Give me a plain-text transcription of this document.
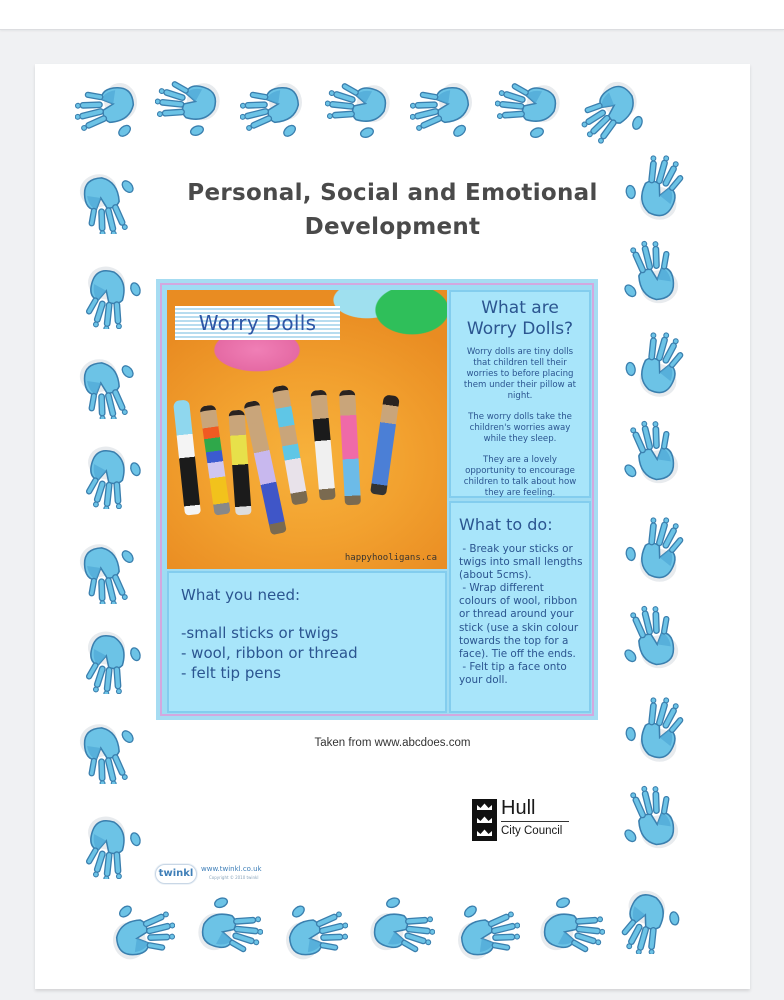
Personal, Social and Emotional
Development
Worry Dolls
happyhooligans.ca
What are Worry Dolls?

Worry dolls are tiny dolls that children tell their worries to before placing them under their pillow at night.

The worry dolls take the children's worries away while they sleep.

They are a lovely opportunity to encourage children to talk about how they are feeling.

What to do:
- Break your sticks or twigs into small lengths (about 5cms).
- Wrap different colours of wool, ribbon or thread around your stick (use a skin colour towards the top for a face). Tie off the ends.
- Felt tip a face onto your doll.
What you need:
-small sticks or twigs
- wool, ribbon or thread
- felt tip pens
Taken from www.abcdoes.com
Hull
City Council
twinkl	www.twinkl.co.uk
Copyright © 2010 twinkl
